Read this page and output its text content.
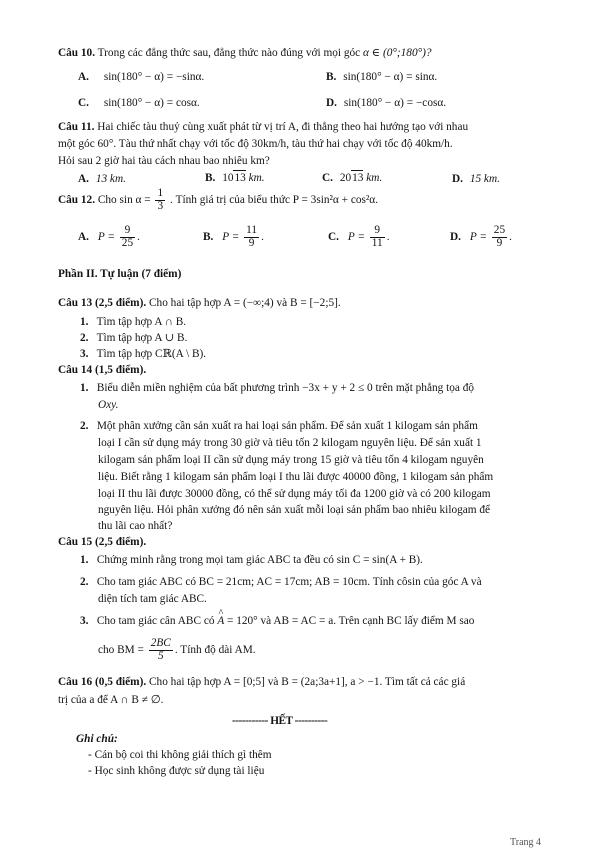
Câu 10. Trong các đẳng thức sau, đẳng thức nào đúng với mọi góc α ∈ (0°;180°)?
A. sin(180° − α) = −sinα.	B. sin(180° − α) = sinα.
C. sin(180° − α) = cosα.	D. sin(180° − α) = −cosα.
Câu 11. Hai chiếc tàu thuỷ cùng xuất phát từ vị trí A, đi thẳng theo hai hướng tạo với nhau
một góc 60°. Tàu thứ nhất chạy với tốc độ 30km/h, tàu thứ hai chạy với tốc độ 40km/h.
Hỏi sau 2 giờ hai tàu cách nhau bao nhiêu km?
A. 13 km.	B. 1013 km.	C. 2013 km.	D. 15 km.
Câu 12. Cho $\sin \alpha = \frac{1}{3}$ . Tính giá trị của biểu thức P = 3sin²α + cos²α.
A. $P = \frac{9}{25}$ .	B. $P = \frac{11}{9}$ .	C. $P = \frac{9}{11}$ .	D. $P = \frac{25}{9}$ .
Phần II. Tự luận (7 điểm)
Câu 13 (2,5 điểm). Cho hai tập hợp A = (−∞;4) và B = [−2;5].
1. Tìm tập hợp A ∩ B.
2. Tìm tập hợp A ∪ B.
3. Tìm tập hợp Cℝ(A \ B).
Câu 14 (1,5 điểm).
1. Biểu diễn miền nghiệm của bất phương trình −3x + y + 2 ≤ 0 trên mặt phẳng tọa độ
Oxy.
2. Một phân xưởng cần sản xuất ra hai loại sản phẩm. Để sản xuất 1 kilogam sản phẩm
loại I cần sử dụng máy trong 30 giờ và tiêu tốn 2 kilogam nguyên liệu. Để sản xuất 1
kilogam sản phẩm loại II cần sử dụng máy trong 15 giờ và tiêu tốn 4 kilogam nguyên
liệu. Biết rằng 1 kilogam sản phẩm loại I thu lãi được 40000 đồng, 1 kilogam sản phẩm
loại II thu lãi được 30000 đồng, có thể sử dụng máy tối đa 1200 giờ và có 200 kilogam
nguyên liệu. Hỏi phân xưởng đó nên sản xuất mỗi loại sản phẩm bao nhiêu kilogam để
thu lãi cao nhất?
Câu 15 (2,5 điểm).
1. Chứng minh rằng trong mọi tam giác ABC ta đều có sin C = sin(A + B).
2. Cho tam giác ABC có BC = 21cm; AC = 17cm; AB = 10cm. Tính côsin của góc A và
diện tích tam giác ABC.
3. Cho tam giác cân ABC có ^ A = 120° và AB = AC = a. Trên cạnh BC lấy điểm M sao
cho BM = $\frac{2BC}{5}$ . Tính độ dài AM.
Câu 16 (0,5 điểm). Cho hai tập hợp A = [0;5] và B = (2a;3a+1], a > −1. Tìm tất cả các giá
trị của a để A ∩ B ≠ ∅.
----------- HẾT ----------
Ghi chú:
- Cán bộ coi thi không giải thích gì thêm
- Học sinh không được sử dụng tài liệu
Trang 4
